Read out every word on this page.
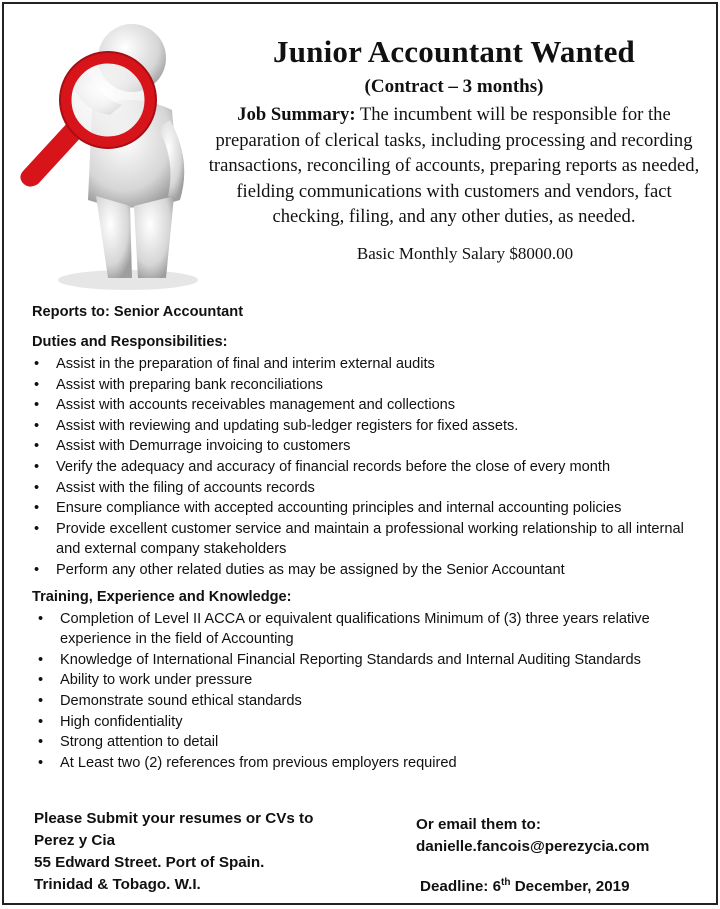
Junior Accountant Wanted
(Contract – 3 months)

Job Summary: The incumbent will be responsible for the preparation of clerical tasks, including processing and recording transactions, reconciling of accounts, preparing reports as needed, fielding communications with customers and vendors, fact checking, filing, and any other duties, as needed.

Basic Monthly Salary $8000.00
Reports to: Senior Accountant
Duties and Responsibilities:
• Assist in the preparation of final and interim external audits
• Assist with preparing bank reconciliations
• Assist with accounts receivables management and collections
• Assist with reviewing and updating sub-ledger registers for fixed assets.
• Assist with Demurrage invoicing to customers
• Verify the adequacy and accuracy of financial records before the close of every month
• Assist with the filing of accounts records
• Ensure compliance with accepted accounting principles and internal accounting policies
• Provide excellent customer service and maintain a professional working relationship to all internal and external company stakeholders
• Perform any other related duties as may be assigned by the Senior Accountant
Training, Experience and Knowledge:
• Completion of Level II ACCA or equivalent qualifications Minimum of (3) three years relative experience in the field of Accounting
• Knowledge of International Financial Reporting Standards and Internal Auditing Standards
• Ability to work under pressure
• Demonstrate sound ethical standards
• High confidentiality
• Strong attention to detail
• At Least two (2) references from previous employers required
Please Submit your resumes or CVs to
Perez y Cia
55 Edward Street. Port of Spain.
Trinidad & Tobago. W.I.
Or email them to:
danielle.fancois@perezycia.com
Deadline: 6th December, 2019
